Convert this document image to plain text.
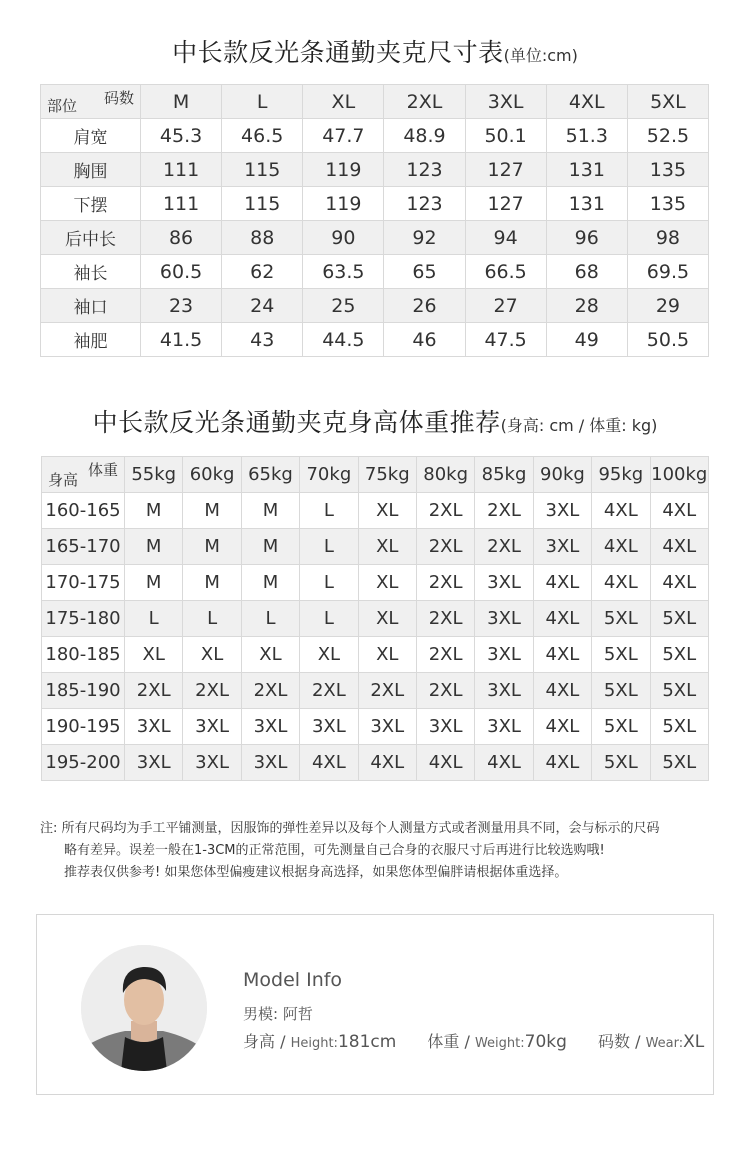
中长款反光条通勤夹克尺寸表(单位:cm)
码数
部位	M	L	XL	2XL	3XL	4XL	5XL
肩宽	45.3	46.5	47.7	48.9	50.1	51.3	52.5
胸围	111	115	119	123	127	131	135
下摆	111	115	119	123	127	131	135
后中长	86	88	90	92	94	96	98
袖长	60.5	62	63.5	65	66.5	68	69.5
袖口	23	24	25	26	27	28	29
袖肥	41.5	43	44.5	46	47.5	49	50.5
中长款反光条通勤夹克身高体重推荐(身高: cm / 体重: kg)
体重
身高	55kg	60kg	65kg	70kg	75kg	80kg	85kg	90kg	95kg	100kg
160-165	M	M	M	L	XL	2XL	2XL	3XL	4XL	4XL
165-170	M	M	M	L	XL	2XL	2XL	3XL	4XL	4XL
170-175	M	M	M	L	XL	2XL	3XL	4XL	4XL	4XL
175-180	L	L	L	L	XL	2XL	3XL	4XL	5XL	5XL
180-185	XL	XL	XL	XL	XL	2XL	3XL	4XL	5XL	5XL
185-190	2XL	2XL	2XL	2XL	2XL	2XL	3XL	4XL	5XL	5XL
190-195	3XL	3XL	3XL	3XL	3XL	3XL	3XL	4XL	5XL	5XL
195-200	3XL	3XL	3XL	4XL	4XL	4XL	4XL	4XL	5XL	5XL

注: 所有尺码均为手工平铺测量，因服饰的弹性差异以及每个人测量方式或者测量用具不同，会与标示的尺码

略有差异。误差一般在1-3CM的正常范围，可先测量自己合身的衣服尺寸后再进行比较选购哦!

推荐表仅供参考! 如果您体型偏瘦建议根据身高选择，如果您体型偏胖请根据体重选择。

Model Info
男模: 阿哲
身高 / Height:181cm 体重 / Weight:70kg 码数 / Wear:XL
